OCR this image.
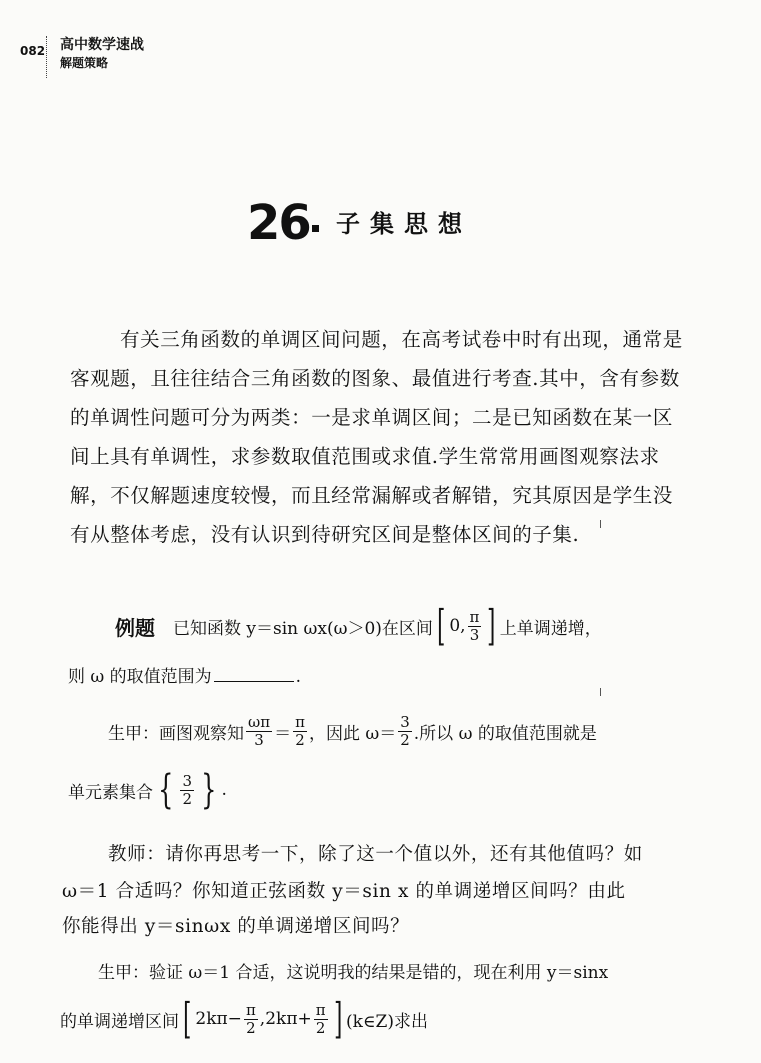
082 高中数学速战
解题策略
26 子集思想
有关三角函数的单调区间问题，在高考试卷中时有出现，通常是
客观题，且往往结合三角函数的图象、最值进行考查.其中，含有参数
的单调性问题可分为两类：一是求单调区间；二是已知函数在某一区
间上具有单调性，求参数取值范围或求值.学生常常用画图观察法求
解，不仅解题速度较慢，而且经常漏解或者解错，究其原因是学生没
有从整体考虑，没有认识到待研究区间是整体区间的子集.
例题 已知函数 y＝sin ωx(ω＞0)在区间 [ 0, $\frac{\pi}{3}$ ] 上单调递增，
则 ω 的取值范围为	.
生甲：画图观察知 $\frac{\omega\pi}{3} = \frac{\pi}{2}$ ，因此 $\omega= \frac{3}{2}$ .所以 ω 的取值范围就是
单元素集合 { $\frac{3}{2}$ } .
教师：请你再思考一下，除了这一个值以外，还有其他值吗？如
ω＝1 合适吗？你知道正弦函数 y＝sin x 的单调递增区间吗？由此
你能得出 y＝sinωx 的单调递增区间吗？
生甲：验证 ω＝1 合适，这说明我的结果是错的，现在利用 y＝sinx
的单调递增区间 [ $2k\pi- \frac{\pi}{2} ,2k\pi+ \frac{\pi}{2}$ ] (k∈Z)求出
